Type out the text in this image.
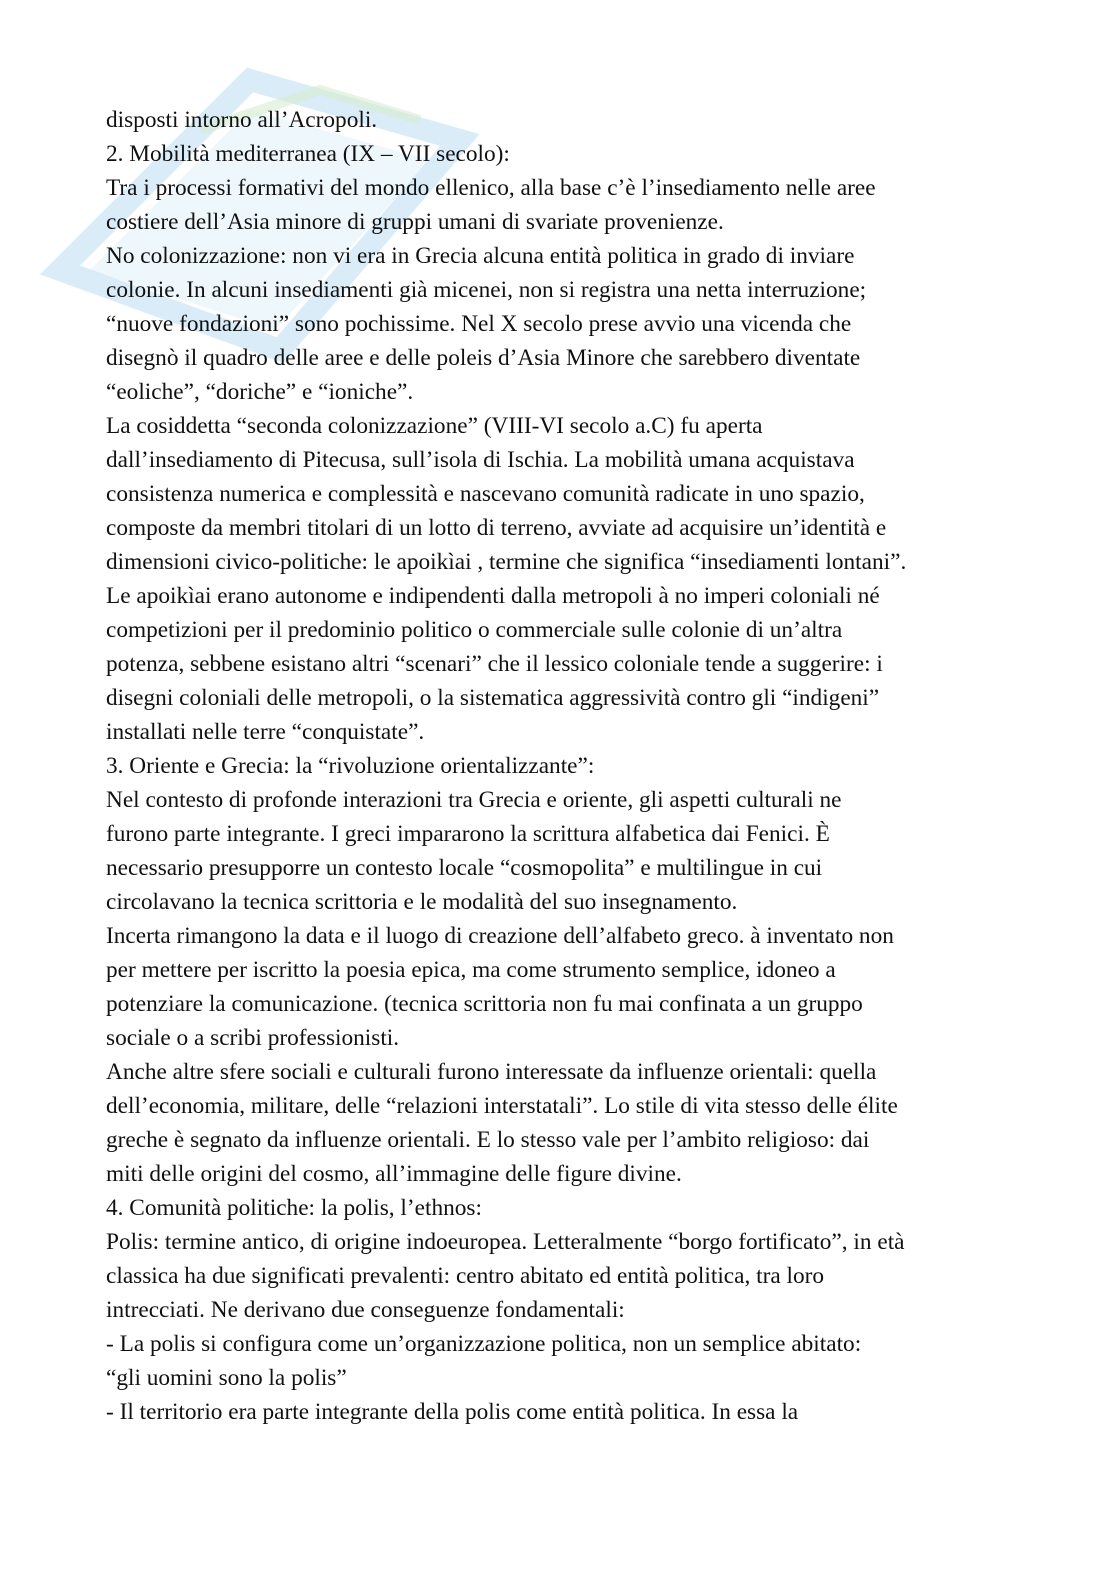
disposti intorno all’Acropoli.
2. Mobilità mediterranea (IX – VII secolo):
Tra i processi formativi del mondo ellenico, alla base c’è l’insediamento nelle aree
costiere dell’Asia minore di gruppi umani di svariate provenienze.
No colonizzazione: non vi era in Grecia alcuna entità politica in grado di inviare
colonie. In alcuni insediamenti già micenei, non si registra una netta interruzione;
“nuove fondazioni” sono pochissime. Nel X secolo prese avvio una vicenda che
disegnò il quadro delle aree e delle poleis d’Asia Minore che sarebbero diventate
“eoliche”, “doriche” e “ioniche”.
La cosiddetta “seconda colonizzazione” (VIII-VI secolo a.C) fu aperta
dall’insediamento di Pitecusa, sull’isola di Ischia. La mobilità umana acquistava
consistenza numerica e complessità e nascevano comunità radicate in uno spazio,
composte da membri titolari di un lotto di terreno, avviate ad acquisire un’identità e
dimensioni civico-politiche: le apoikìai , termine che significa “insediamenti lontani”.
Le apoikìai erano autonome e indipendenti dalla metropoli à no imperi coloniali né
competizioni per il predominio politico o commerciale sulle colonie di un’altra
potenza, sebbene esistano altri “scenari” che il lessico coloniale tende a suggerire: i
disegni coloniali delle metropoli, o la sistematica aggressività contro gli “indigeni”
installati nelle terre “conquistate”.
3. Oriente e Grecia: la “rivoluzione orientalizzante”:
Nel contesto di profonde interazioni tra Grecia e oriente, gli aspetti culturali ne
furono parte integrante. I greci impararono la scrittura alfabetica dai Fenici. È
necessario presupporre un contesto locale “cosmopolita” e multilingue in cui
circolavano la tecnica scrittoria e le modalità del suo insegnamento.
Incerta rimangono la data e il luogo di creazione dell’alfabeto greco. à inventato non
per mettere per iscritto la poesia epica, ma come strumento semplice, idoneo a
potenziare la comunicazione. (tecnica scrittoria non fu mai confinata a un gruppo
sociale o a scribi professionisti.
Anche altre sfere sociali e culturali furono interessate da influenze orientali: quella
dell’economia, militare, delle “relazioni interstatali”. Lo stile di vita stesso delle élite
greche è segnato da influenze orientali. E lo stesso vale per l’ambito religioso: dai
miti delle origini del cosmo, all’immagine delle figure divine.
4. Comunità politiche: la polis, l’ethnos:
Polis: termine antico, di origine indoeuropea. Letteralmente “borgo fortificato”, in età
classica ha due significati prevalenti: centro abitato ed entità politica, tra loro
intrecciati. Ne derivano due conseguenze fondamentali:
- La polis si configura come un’organizzazione politica, non un semplice abitato:
“gli uomini sono la polis”
- Il territorio era parte integrante della polis come entità politica. In essa la
